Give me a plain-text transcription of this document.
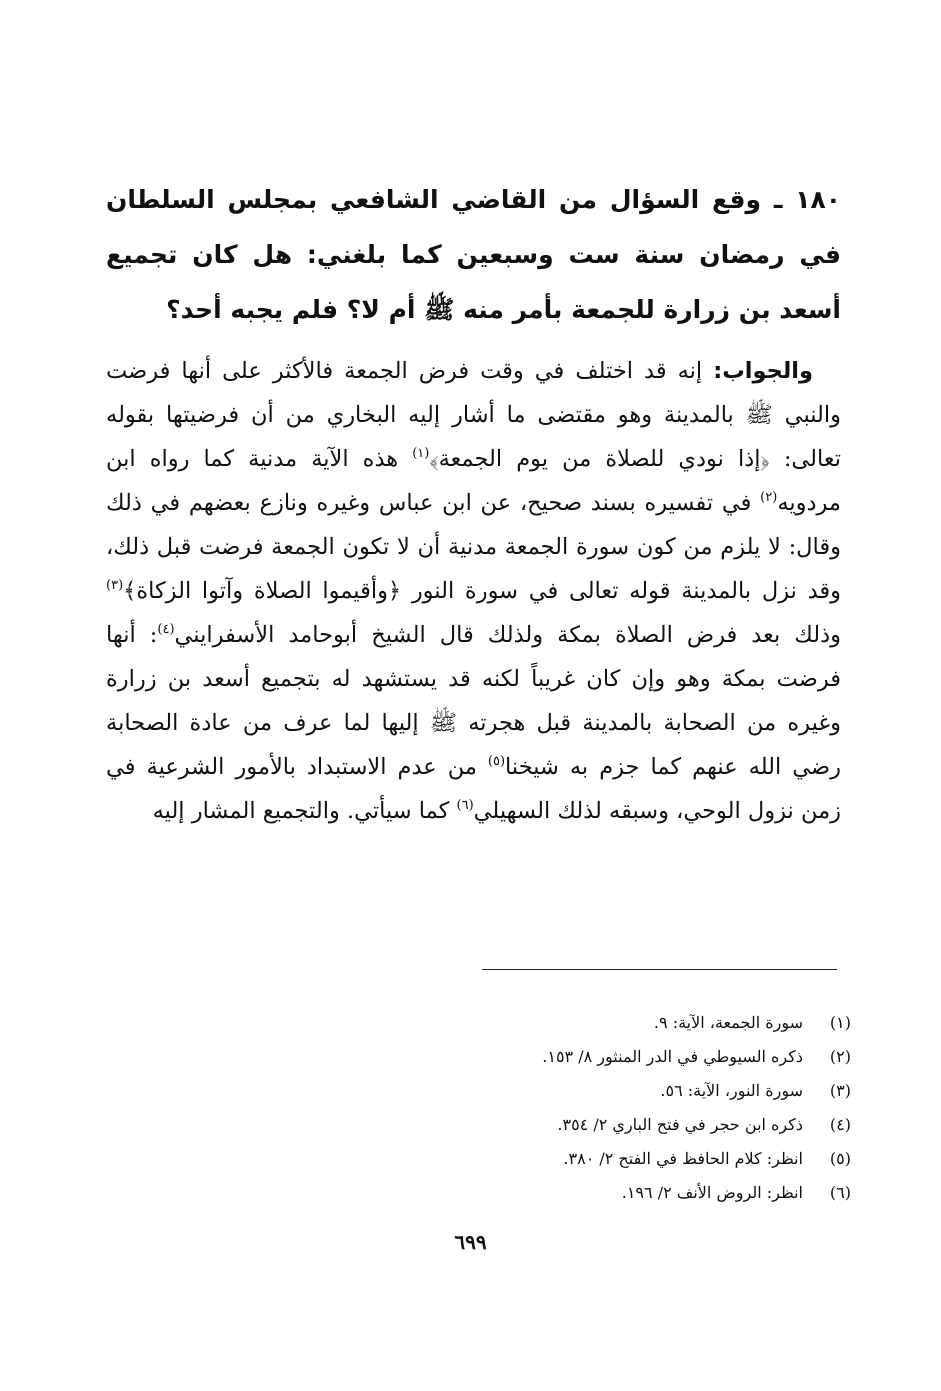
١٨٠ ـ وقع السؤال من القاضي الشافعي بمجلس السلطان في رمضان سنة ست وسبعين كما بلغني: هل كان تجميع أسعد بن زرارة للجمعة بأمر منه ﷺ أم لا؟ فلم يجبه أحد؟

والجواب: إنه قد اختلف في وقت فرض الجمعة فالأكثر على أنها فرضت والنبي ﷺ بالمدينة وهو مقتضى ما أشار إليه البخاري من أن فرضيتها بقوله تعالى: ﴿إذا نودي للصلاة من يوم الجمعة﴾$^{(١)}$ هذه الآية مدنية كما رواه ابن مردويه$^{(٢)}$ في تفسيره بسند صحيح، عن ابن عباس وغيره ونازع بعضهم في ذلك وقال: لا يلزم من كون سورة الجمعة مدنية أن لا تكون الجمعة فرضت قبل ذلك، وقد نزل بالمدينة قوله تعالى في سورة النور ﴿وأقيموا الصلاة وآتوا الزكاة﴾$^{(٣)}$ وذلك بعد فرض الصلاة بمكة ولذلك قال الشيخ أبوحامد الأسفرايني$^{(٤)}$: أنها فرضت بمكة وهو وإن كان غريباً لكنه قد يستشهد له بتجميع أسعد بن زرارة وغيره من الصحابة بالمدينة قبل هجرته ﷺ إليها لما عرف من عادة الصحابة رضي الله عنهم كما جزم به شيخنا$^{(٥)}$ من عدم الاستبداد بالأمور الشرعية في زمن نزول الوحي، وسبقه لذلك السهيلي$^{(٦)}$ كما سيأتي. والتجميع المشار إليه
(١)
سورة الجمعة، الآية: ٩.
(٢)
ذكره السيوطي في الدر المنثور ٨/ ١٥٣.
(٣)
سورة النور، الآية: ٥٦.
(٤)
ذكره ابن حجر في فتح الباري ٢/ ٣٥٤.
(٥)
انظر: كلام الحافظ في الفتح ٢/ ٣٨٠.
(٦)
انظر: الروض الأنف ٢/ ١٩٦.
٦٩٩
